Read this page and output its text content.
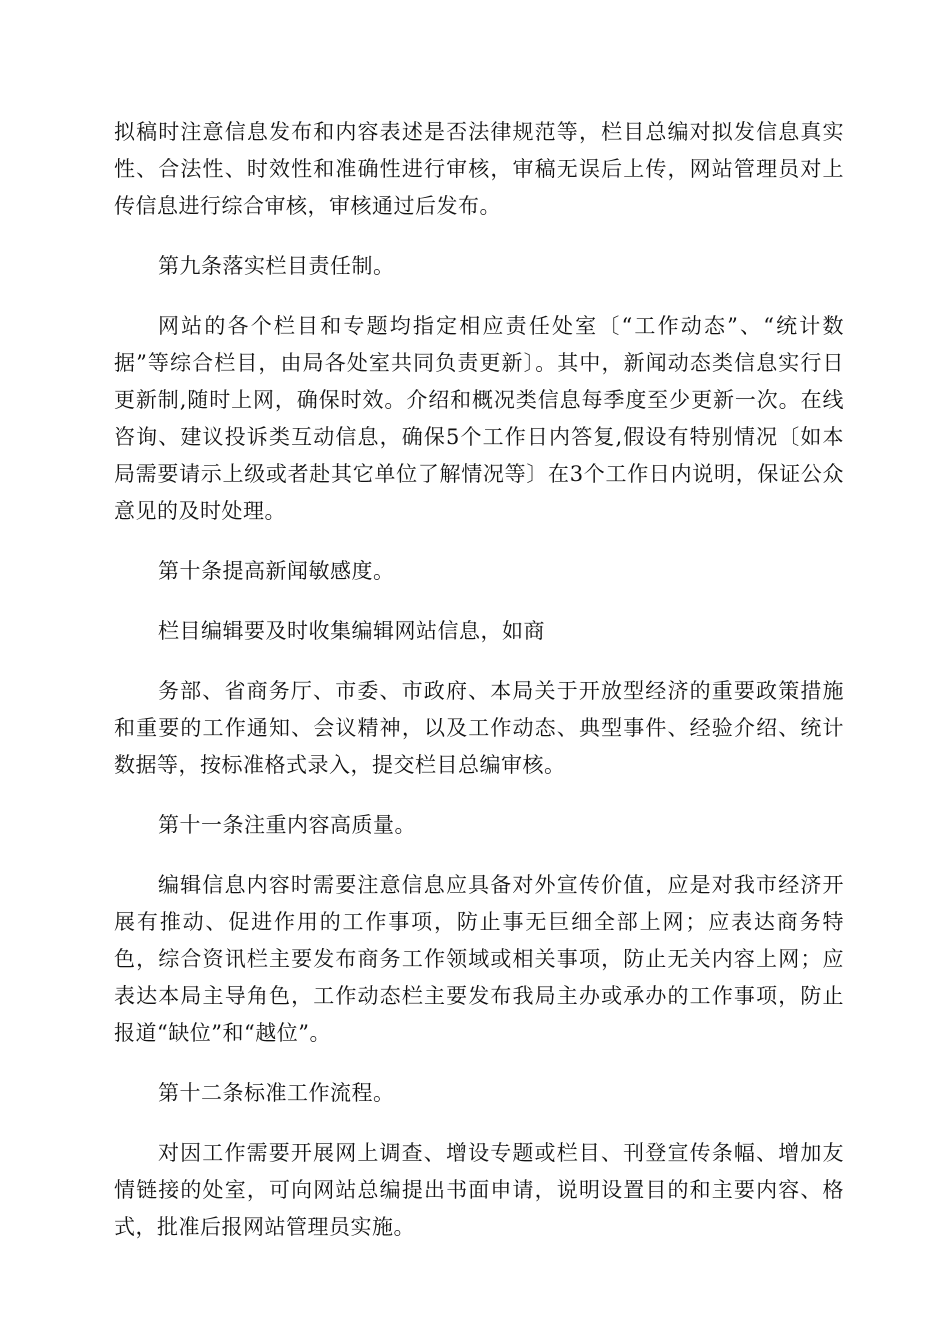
拟稿时注意信息发布和内容表述是否法律规范等，栏目总编对拟发信息真实性、合法性、时效性和准确性进行审核，审稿无误后上传，网站管理员对上传信息进行综合审核，审核通过后发布。

第九条落实栏目责任制。

网站的各个栏目和专题均指定相应责任处室〔“工作动态”、“统计数据”等综合栏目，由局各处室共同负责更新〕。其中，新闻动态类信息实行日更新制,随时上网，确保时效。介绍和概况类信息每季度至少更新一次。在线咨询、建议投诉类互动信息，确保5个工作日内答复,假设有特别情况〔如本局需要请示上级或者赴其它单位了解情况等〕在3个工作日内说明，保证公众意见的及时处理。

第十条提高新闻敏感度。

栏目编辑要及时收集编辑网站信息，如商

务部、省商务厅、市委、市政府、本局关于开放型经济的重要政策措施和重要的工作通知、会议精神，以及工作动态、典型事件、经验介绍、统计数据等，按标准格式录入，提交栏目总编审核。

第十一条注重内容高质量。

编辑信息内容时需要注意信息应具备对外宣传价值，应是对我市经济开展有推动、促进作用的工作事项，防止事无巨细全部上网；应表达商务特色，综合资讯栏主要发布商务工作领域或相关事项，防止无关内容上网；应表达本局主导角色，工作动态栏主要发布我局主办或承办的工作事项，防止报道“缺位”和“越位”。

第十二条标准工作流程。

对因工作需要开展网上调查、增设专题或栏目、刊登宣传条幅、增加友情链接的处室，可向网站总编提出书面申请，说明设置目的和主要内容、格式，批准后报网站管理员实施。
